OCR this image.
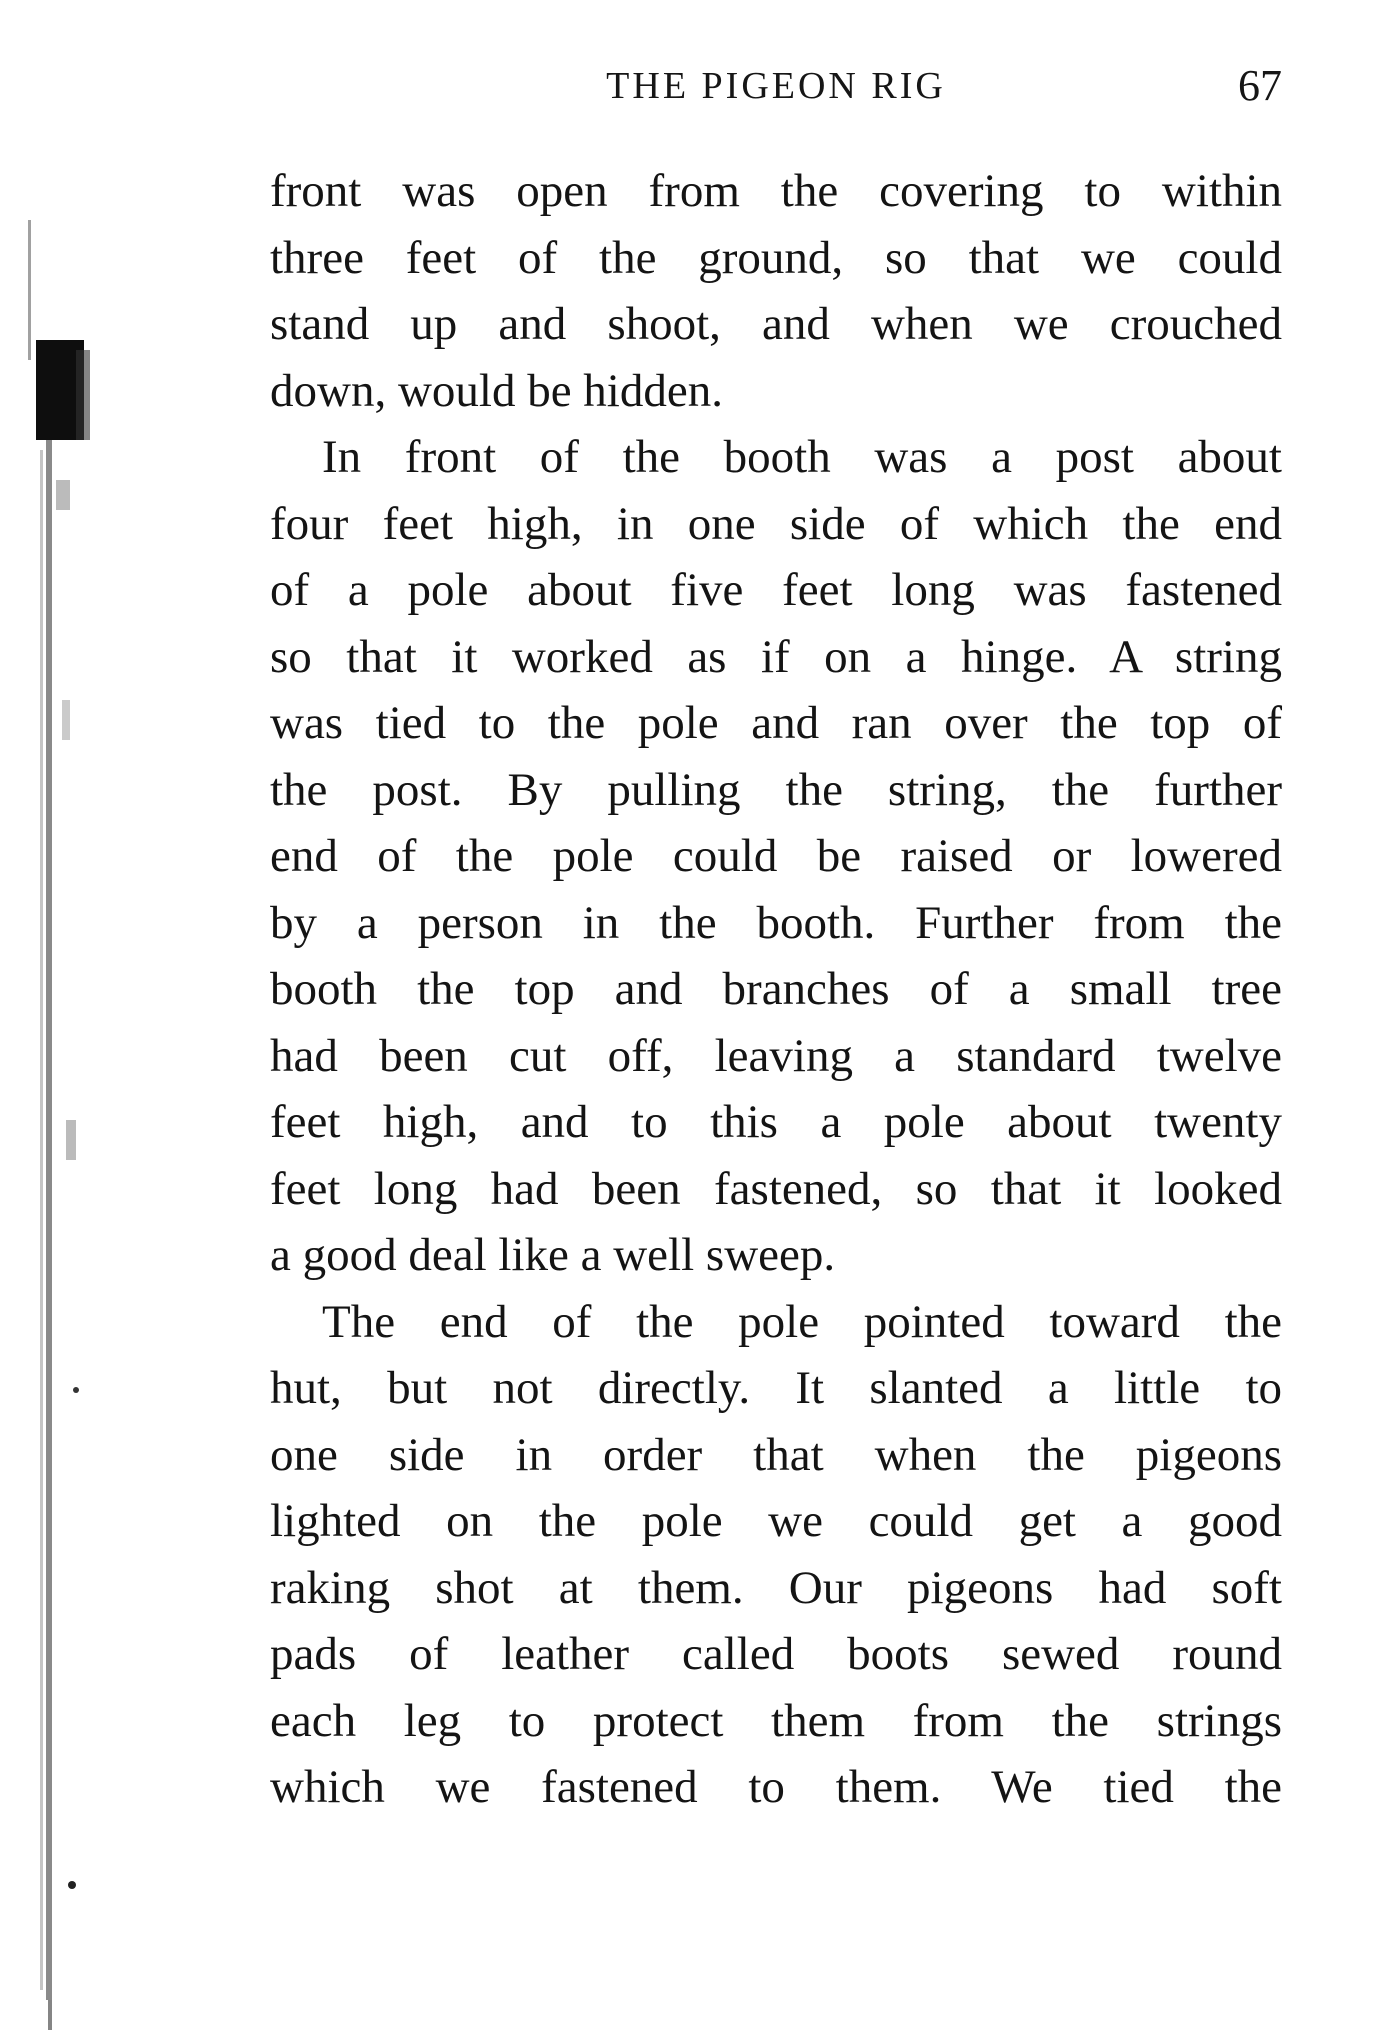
THE PIGEON RIG	67
front was open from the covering to within
three feet of the ground, so that we could
stand up and shoot, and when we crouched
down, would be hidden.
In front of the booth was a post about
four feet high, in one side of which the end
of a pole about five feet long was fastened
so that it worked as if on a hinge. A string
was tied to the pole and ran over the top of
the post. By pulling the string, the further
end of the pole could be raised or lowered
by a person in the booth. Further from the
booth the top and branches of a small tree
had been cut off, leaving a standard twelve
feet high, and to this a pole about twenty
feet long had been fastened, so that it looked
a good deal like a well sweep.
The end of the pole pointed toward the
hut, but not directly. It slanted a little to
one side in order that when the pigeons
lighted on the pole we could get a good
raking shot at them. Our pigeons had soft
pads of leather called boots sewed round
each leg to protect them from the strings
which we fastened to them. We tied the
